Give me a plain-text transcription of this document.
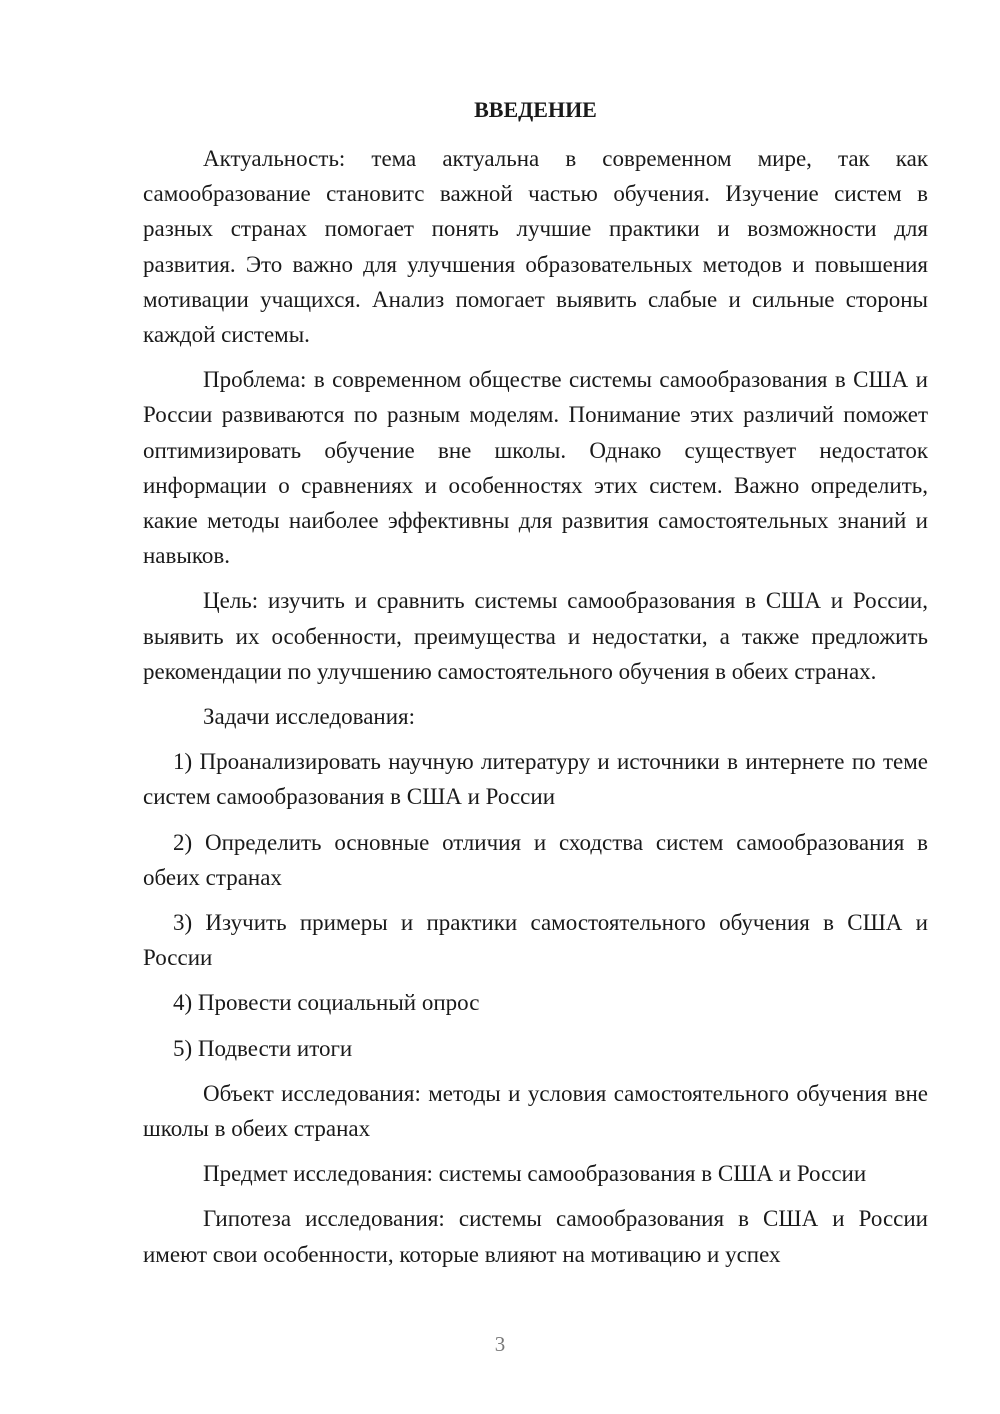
ВВЕДЕНИЕ

Актуальность: тема актуальна в современном мире, так как самообразование становитс важной частью обучения. Изучение систем в разных странах помогает понять лучшие практики и возможности для развития. Это важно для улучшения образовательных методов и повышения мотивации учащихся. Анализ помогает выявить слабые и сильные стороны каждой системы.

Проблема: в современном обществе системы самообразования в США и России развиваются по разным моделям. Понимание этих различий поможет оптимизировать обучение вне школы. Однако существует недостаток информации о сравнениях и особенностях этих систем. Важно определить, какие методы наиболее эффективны для развития самостоятельных знаний и навыков.

Цель: изучить и сравнить системы самообразования в США и России, выявить их особенности, преимущества и недостатки, а также предложить рекомендации по улучшению самостоятельного обучения в обеих странах.

Задачи исследования:

1) Проанализировать научную литературу и источники в интернете по теме систем самообразования в США и России

2) Определить основные отличия и сходства систем самообразования в обеих странах

3) Изучить примеры и практики самостоятельного обучения в США и России

4) Провести социальный опрос

5) Подвести итоги

Объект исследования: методы и условия самостоятельного обучения вне школы в обеих странах

Предмет исследования: системы самообразования в США и России

Гипотеза исследования: системы самообразования в США и России имеют свои особенности, которые влияют на мотивацию и успех

3
